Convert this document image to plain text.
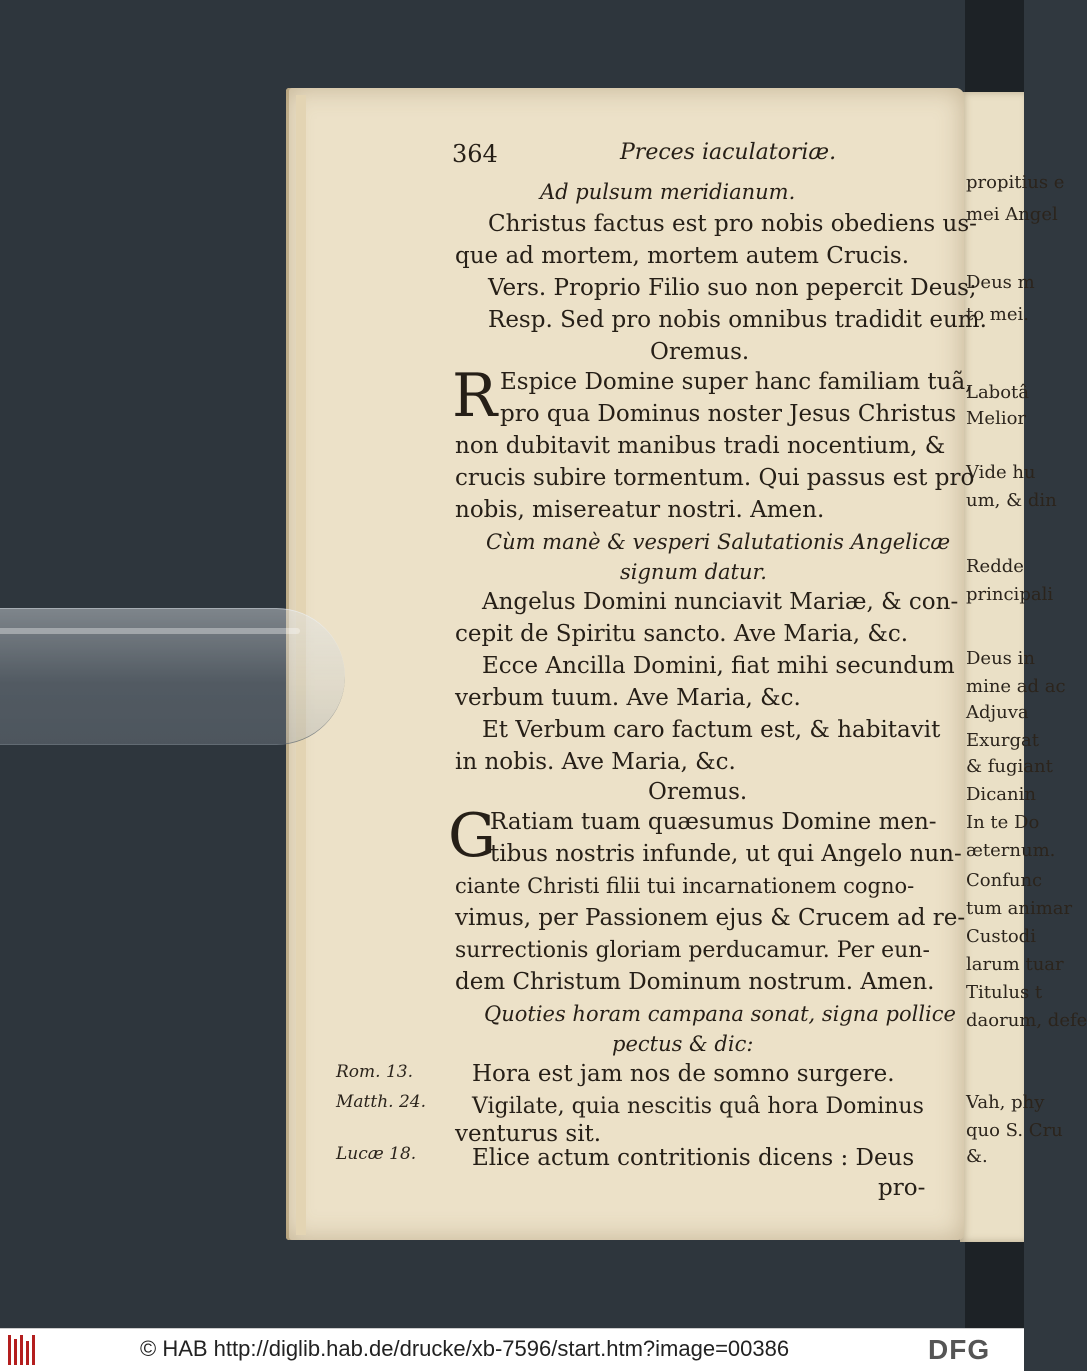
propitius e
mei Angel
Deus m
to mei.
Labotâ
Melior
Vide hu
um, & din
Redde
principali
Deus in
mine ad ac
Adjuva
Exurgat
& fugiant
Dicanin
In te Do
æternum.
Confunc
tum animar
Custodi
larum tuar
Titulus t
daorum, defe
Vah, phy
quo S. Cru
&.
364	Preces iaculatoriæ.
Ad pulsum meridianum.
Christus factus est pro nobis obediens us-
que ad mortem, mortem autem Crucis.
Vers. Proprio Filio suo non pepercit Deus;
Resp. Sed pro nobis omnibus tradidit eum.
Oremus.
R Espice Domine super hanc familiam tuã,
pro qua Dominus noster Jesus Christus
non dubitavit manibus tradi nocentium, &
crucis subire tormentum. Qui passus est pro
nobis, misereatur nostri. Amen.
Cùm manè & vesperi Salutationis Angelicæ
signum datur.
Angelus Domini nunciavit Mariæ, & con-
cepit de Spiritu sancto. Ave Maria, &c.
Ecce Ancilla Domini, fiat mihi secundum
verbum tuum. Ave Maria, &c.
Et Verbum caro factum est, & habitavit
in nobis. Ave Maria, &c.
Oremus.
G
Ratiam tuam quæsumus Domine men-
tibus nostris infunde, ut qui Angelo nun-
ciante Christi filii tui incarnationem cogno-
vimus, per Passionem ejus & Crucem ad re-
surrectionis gloriam perducamur. Per eun-
dem Christum Dominum nostrum. Amen.
Quoties horam campana sonat, signa pollice
pectus & dic:
Rom. 13.	Hora est jam nos de somno surgere.
Matth. 24. Vigilate, quia nescitis quâ hora Dominus
venturus sit.
Lucæ 18. Elice actum contritionis dicens : Deus
pro-
© HAB http://diglib.hab.de/drucke/xb-7596/start.htm?image=00386	DFG
